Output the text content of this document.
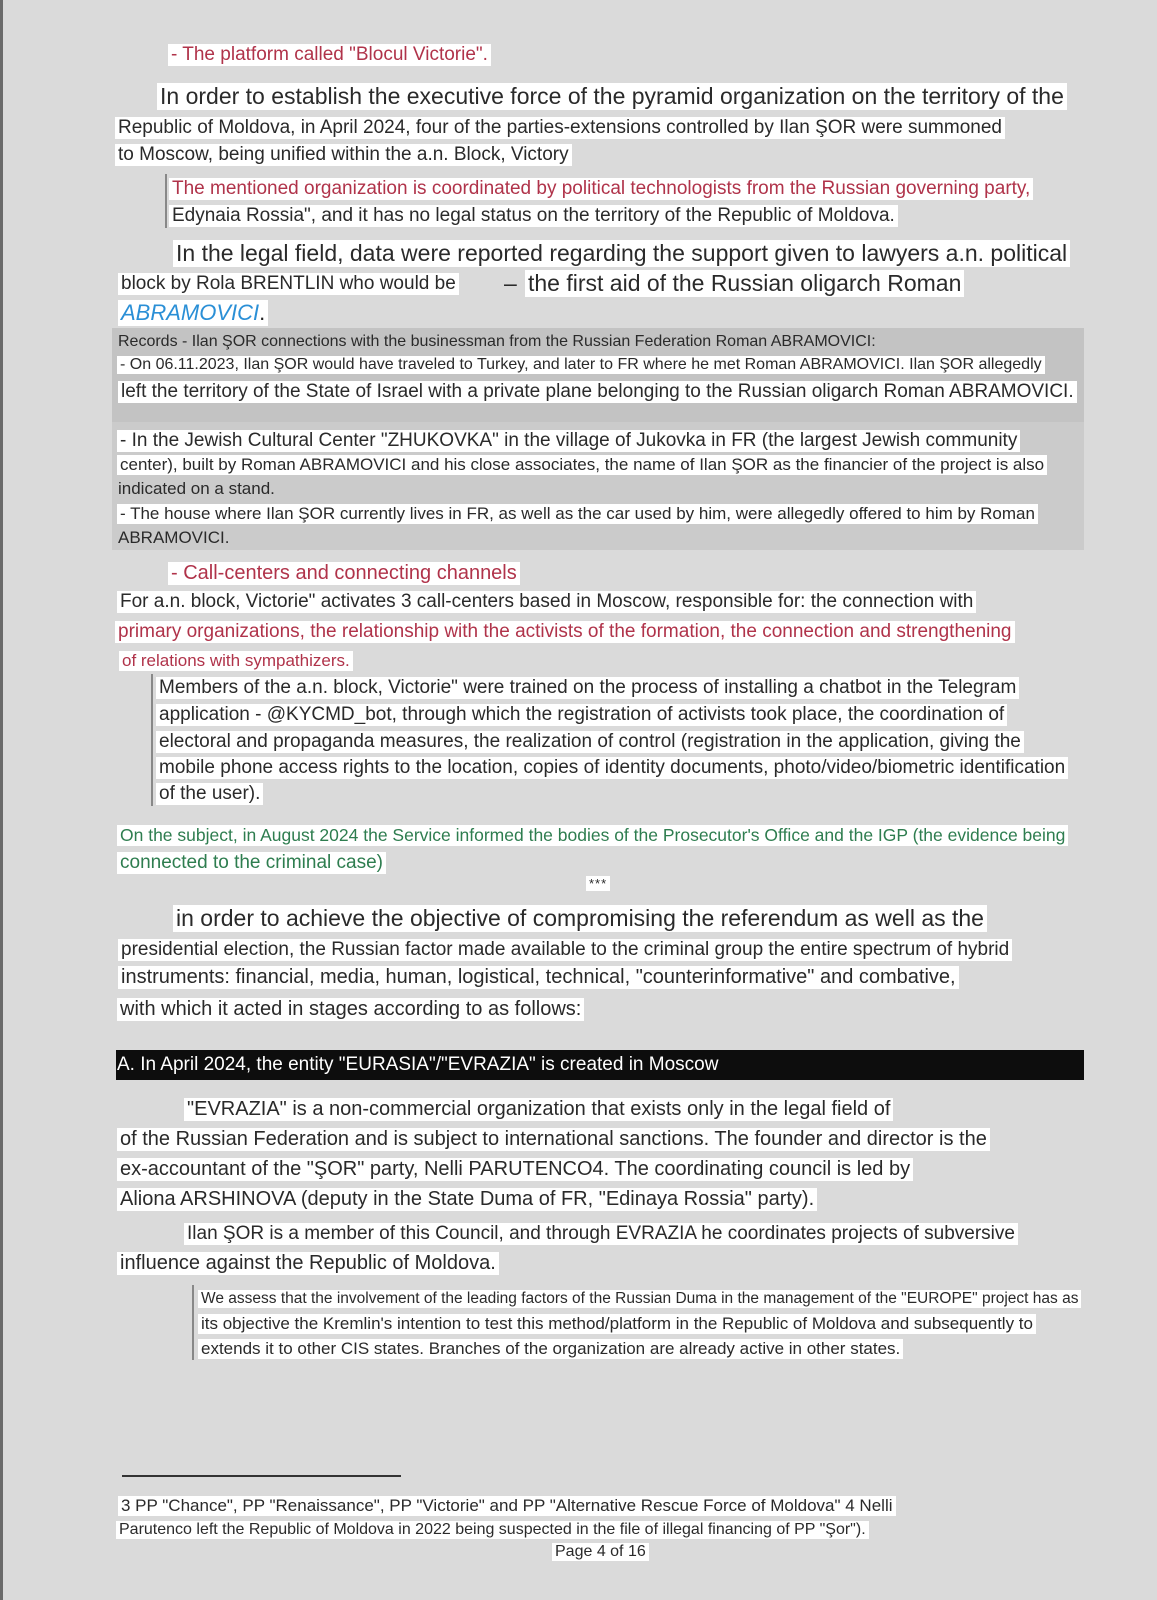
- The platform called "Blocul Victorie".
In order to establish the executive force of the pyramid organization on the territory of the
Republic of Moldova, in April 2024, four of the parties-extensions controlled by Ilan ŞOR were summoned
to Moscow, being unified within the a.n. Block, Victory
The mentioned organization is coordinated by political technologists from the Russian governing party,
Edynaia Rossia", and it has no legal status on the territory of the Republic of Moldova.
In the legal field, data were reported regarding the support given to lawyers a.n. political
block by Rola BRENTLIN who would be – the first aid of the Russian oligarch Roman
ABRAMOVICI.
Records - Ilan ŞOR connections with the businessman from the Russian Federation Roman ABRAMOVICI:
- On 06.11.2023, Ilan ŞOR would have traveled to Turkey, and later to FR where he met Roman ABRAMOVICI. Ilan ŞOR allegedly
left the territory of the State of Israel with a private plane belonging to the Russian oligarch Roman ABRAMOVICI.
- In the Jewish Cultural Center "ZHUKOVKA" in the village of Jukovka in FR (the largest Jewish community
center), built by Roman ABRAMOVICI and his close associates, the name of Ilan ŞOR as the financier of the project is also
indicated on a stand.
- The house where Ilan ŞOR currently lives in FR, as well as the car used by him, were allegedly offered to him by Roman
ABRAMOVICI.
- Call-centers and connecting channels
For a.n. block, Victorie" activates 3 call-centers based in Moscow, responsible for: the connection with
primary organizations, the relationship with the activists of the formation, the connection and strengthening
of relations with sympathizers.
Members of the a.n. block, Victorie" were trained on the process of installing a chatbot in the Telegram
application - @KYCMD_bot, through which the registration of activists took place, the coordination of
electoral and propaganda measures, the realization of control (registration in the application, giving the
mobile phone access rights to the location, copies of identity documents, photo/video/biometric identification
of the user).
On the subject, in August 2024 the Service informed the bodies of the Prosecutor's Office and the IGP (the evidence being
connected to the criminal case)
***
in order to achieve the objective of compromising the referendum as well as the
presidential election, the Russian factor made available to the criminal group the entire spectrum of hybrid
instruments: financial, media, human, logistical, technical, "counterinformative" and combative,
with which it acted in stages according to as follows:
A. In April 2024, the entity "EURASIA"/"EVRAZIA" is created in Moscow
"EVRAZIA" is a non-commercial organization that exists only in the legal field of
of the Russian Federation and is subject to international sanctions. The founder and director is the
ex-accountant of the "ŞOR" party, Nelli PARUTENCO4. The coordinating council is led by
Aliona ARSHINOVA (deputy in the State Duma of FR, "Edinaya Rossia" party).
Ilan ŞOR is a member of this Council, and through EVRAZIA he coordinates projects of subversive
influence against the Republic of Moldova.
We assess that the involvement of the leading factors of the Russian Duma in the management of the "EUROPE" project has as
its objective the Kremlin's intention to test this method/platform in the Republic of Moldova and subsequently to
extends it to other CIS states. Branches of the organization are already active in other states.
3 PP "Chance", PP "Renaissance", PP "Victorie" and PP "Alternative Rescue Force of Moldova" 4 Nelli
Parutenco left the Republic of Moldova in 2022 being suspected in the file of illegal financing of PP "Şor").
Page 4 of 16
